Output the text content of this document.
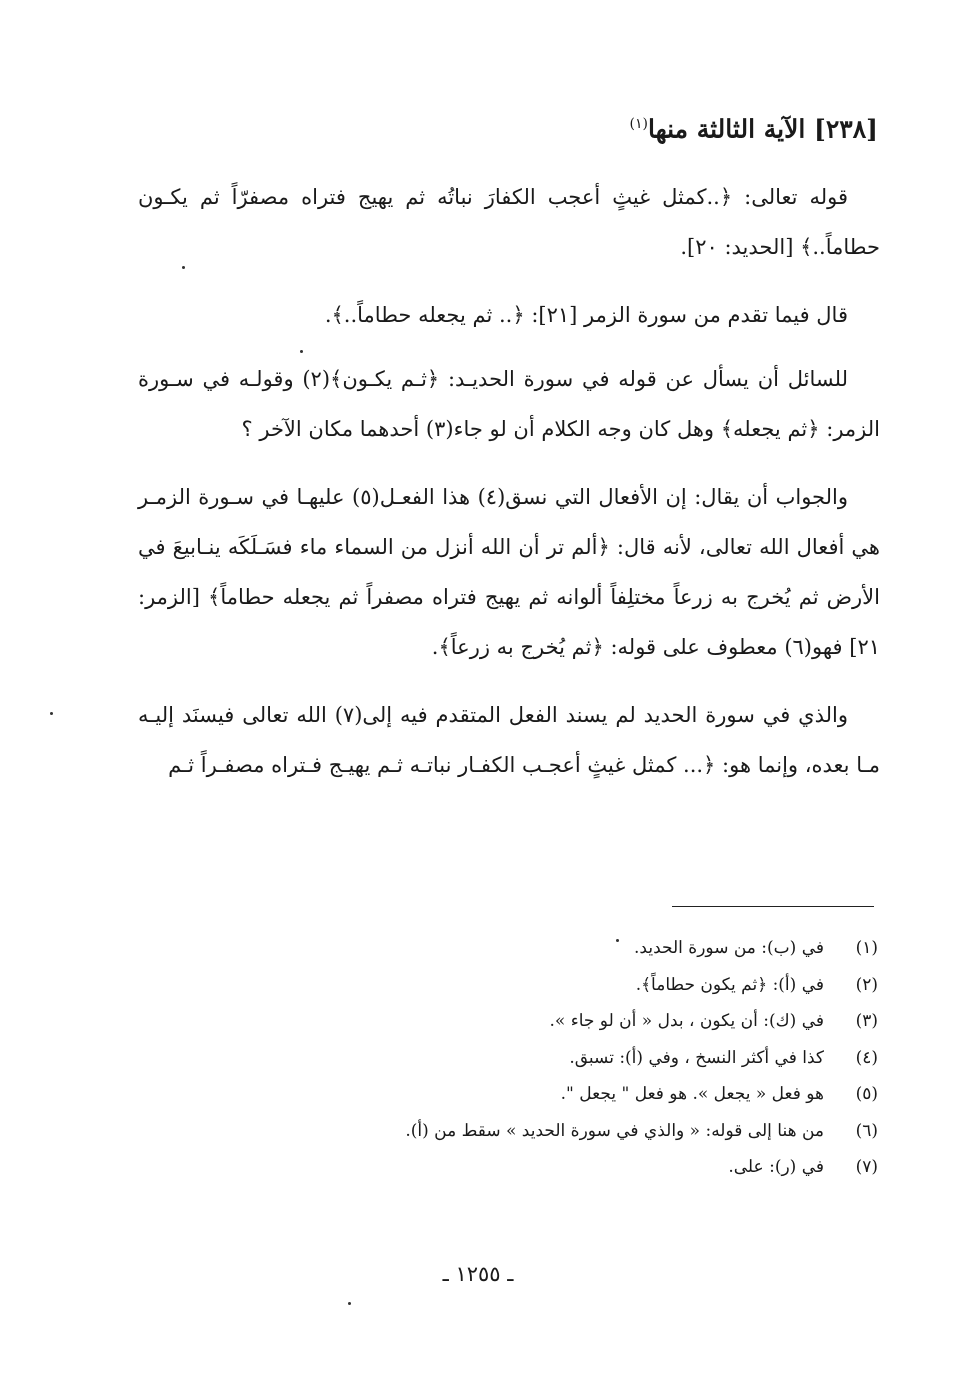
[٢٣٨] الآية الثالثة منها$^{(١)}$

قوله تعالى: ﴿..كمثل غيثٍ أعجب الكفارَ نباتُه ثم يهيج فتراه مصفرّاً ثم يكـون حطاماً..﴾ [الحديد: ٢٠].

قال فيما تقدم من سورة الزمر [٢١]: ﴿.. ثم يجعله حطاماً..﴾.

للسائل أن يسأل عن قوله في سورة الحديـد: ﴿ثـم يكـون﴾(٢) وقولـه في سـورة الزمر: ﴿ثم يجعله﴾ وهل كان وجه الكلام أن لو جاء(٣) أحدهما مكان الآخر ؟

والجواب أن يقال: إن الأفعال التي نسق(٤) هذا الفعـل(٥) عليهـا في سـورة الزمـر هي أفعال الله تعالى، لأنه قال: ﴿ألم تر أن الله أنزل من السماء ماء فسَـلَكَه ينـابيعَ في الأرض ثم يُخرج به زرعاً مختلِفاً ألوانه ثم يهيج فتراه مصفراً ثم يجعله حطاماً﴾ [الزمر: ٢١] فهو(٦) معطوف على قوله: ﴿ثم يُخرج به زرعاً﴾.

والذي في سورة الحديد لم يسند الفعل المتقدم فيه إلى(٧) الله تعالى فيسنَد إليـه مـا بعده، وإنما هو: ﴿... كمثل غيثٍ أعجـب الكفـار نباتـه ثـم يهيـج فـتراه مصفـراً ثـم

(١)في (ب): من سورة الحديد.
(٢)في (أ): ﴿ثم يكون حطاماً﴾.
(٣)في (ك): أن يكون ، بدل « أن لو جاء ».
(٤)كذا في أكثر النسخ ، وفي (أ): تسبق.
(٥)هو فعل « يجعل ». هو فعل " يجعل ".
(٦)من هنا إلى قوله: « والذي في سورة الحديد » سقط من (أ).
(٧)في (ر): على.
ـ ١٢٥٥ ـ
